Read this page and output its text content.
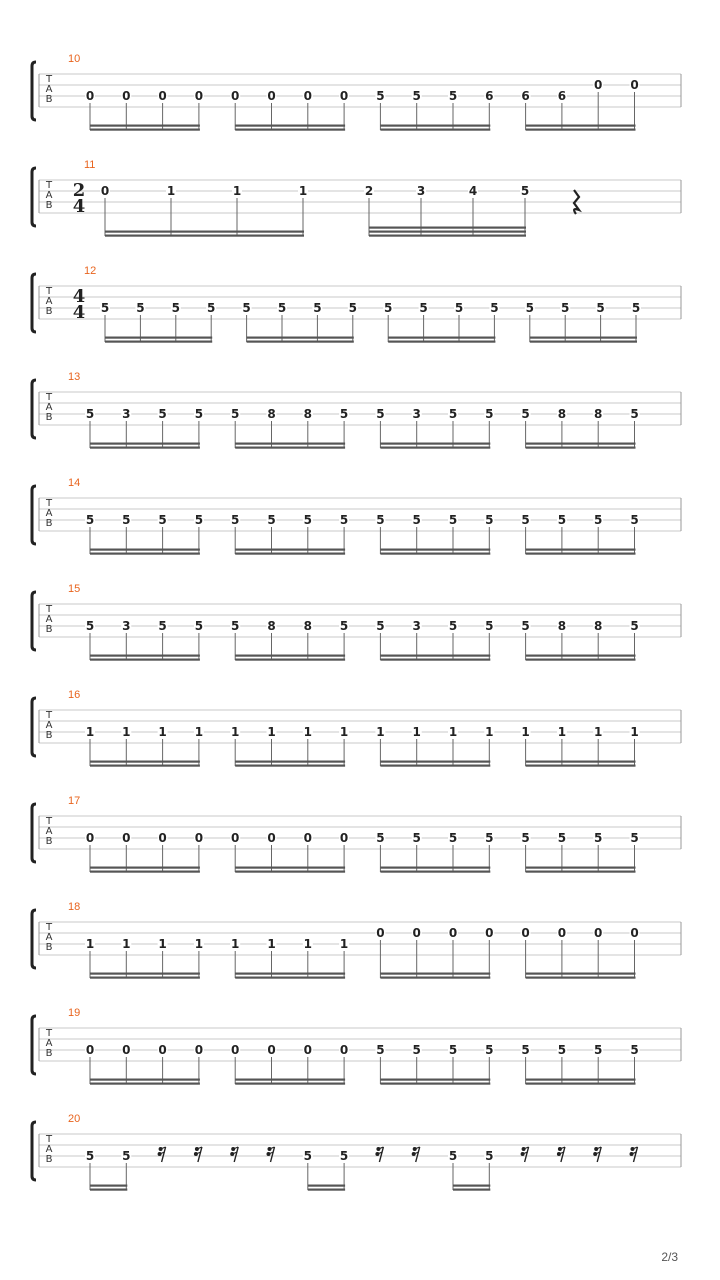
T
A
B
10
0 0 0 0 0 0 0 0 5 5 5 6 6 6
0 0
T
A
B
11
2
4
0	1	1	1	2	3	4	5
T
A
B
12
4
4 5 5 5 5 5 5 5 5 5 5 5 5 5 5 5 5
T
A
B
13
5 3 5 5 5 8 8 5 5 3 5 5 5 8 8 5
T
A
B
14
5 5 5 5 5 5 5 5 5 5 5 5 5 5 5 5
T
A
B
15
5 3 5 5 5 8 8 5 5 3 5 5 5 8 8 5
T
A
B
16
1 1 1 1 1 1 1 1 1 1 1 1 1 1 1 1
T
A
B
17
0 0 0 0 0 0 0 0 5 5 5 5 5 5 5 5
T
A
B
18
1 1 1 1 1 1 1 1
0 0 0 0 0 0 0 0
T
A
B
19
0 0 0 0 0 0 0 0 5 5 5 5 5 5 5 5
T
A
B
20
5 5	5 5	5 5
2/3
